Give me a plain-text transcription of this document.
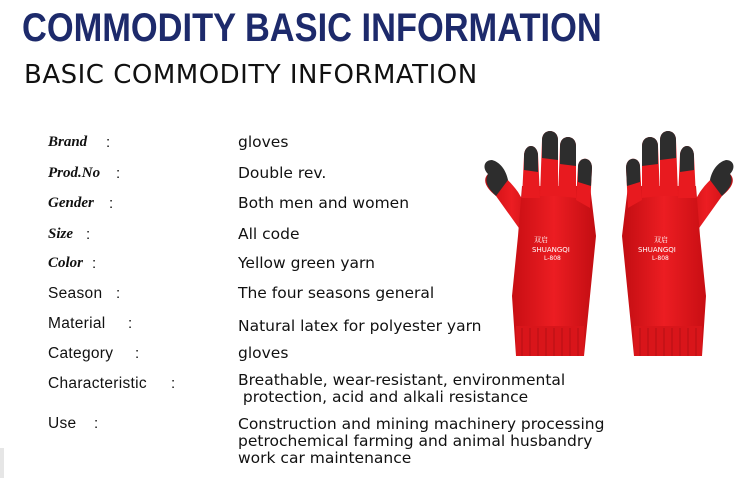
COMMODITY BASIC INFORMATION
BASIC COMMODITY INFORMATION
Brand :	gloves
Prod.No :	Double rev.
Gender :	Both men and women
Size :	All code
Color :	Yellow green yarn
Season :	The four seasons general
Material :	Natural latex for polyester yarn
Category :	gloves
Characteristic :	Breathable, wear-resistant, environmental
protection, acid and alkali resistance
Use :	Construction and mining machinery processing
petrochemical farming and animal husbandry
work car maintenance
双启
SHUANGQI
L-808
双启
SHUANGQI
L-808
